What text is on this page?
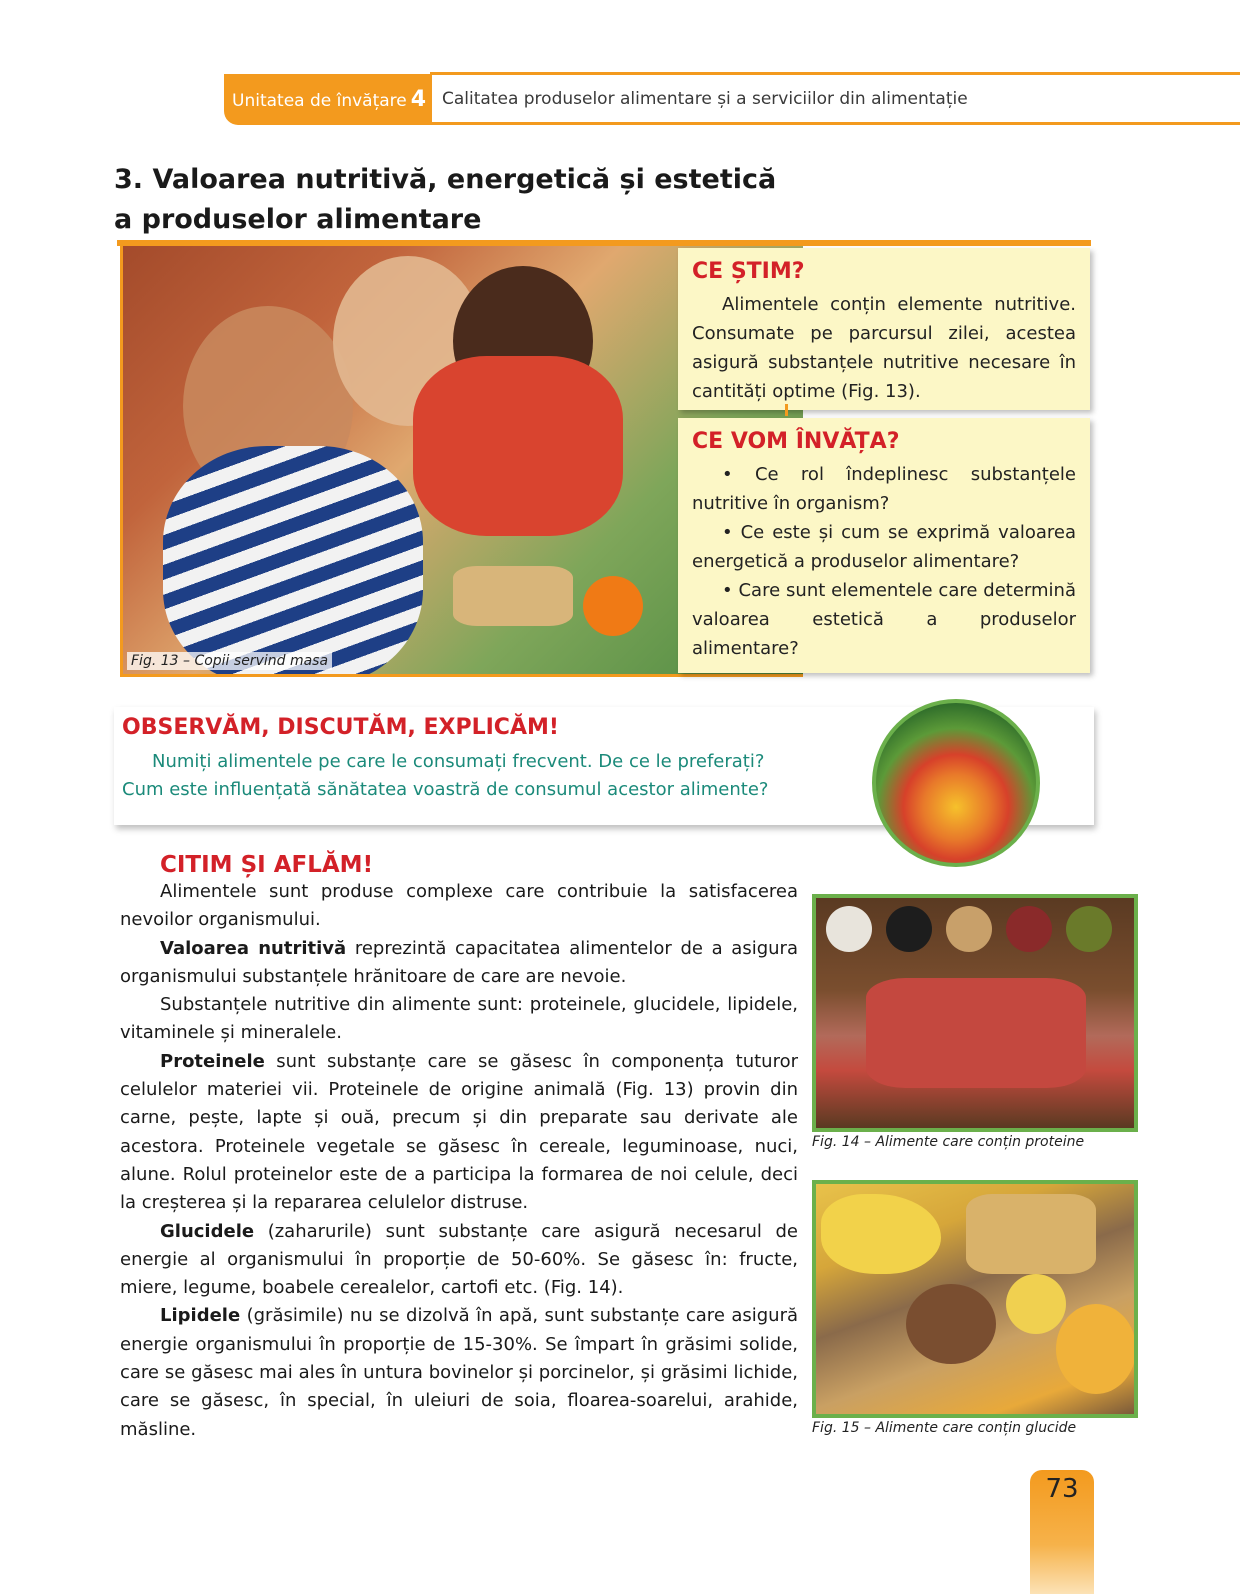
Unitatea de învățare 4 Calitatea produselor alimentare și a serviciilor din alimentație
3. Valoarea nutritivă, energetică și estetică
a produselor alimentare
Fig. 13 – Copii servind masa
CE ȘTIM?
Alimentele conțin elemente nutritive. Consumate pe parcursul zilei, acestea asigură substanțele nutritive necesare în cantități optime (Fig. 13).
CE VOM ÎNVĂȚA?
• Ce rol îndeplinesc substanțele nutritive în organism?
• Ce este și cum se exprimă valoarea energetică a produselor alimentare?
• Care sunt elementele care determină valoarea estetică a produselor alimentare?
OBSERVĂM, DISCUTĂM, EXPLICĂM!
Numiți alimentele pe care le consumați frecvent. De ce le preferați?
Cum este influențată sănătatea voastră de consumul acestor alimente?
CITIM ȘI AFLĂM!

Alimentele sunt produse complexe care contribuie la satisfacerea nevoilor organismului.

Valoarea nutritivă reprezintă capacitatea alimentelor de a asigura organismului substanțele hrănitoare de care are nevoie.

Substanțele nutritive din alimente sunt: proteinele, glucidele, lipidele, vitaminele și mineralele.

Proteinele sunt substanțe care se găsesc în componența tuturor celulelor materiei vii. Proteinele de origine animală (Fig. 13) provin din carne, pește, lapte și ouă, precum și din preparate sau derivate ale acestora. Proteinele vegetale se găsesc în cereale, leguminoase, nuci, alune. Rolul proteinelor este de a participa la formarea de noi celule, deci la creșterea și la repararea celulelor distruse.

Glucidele (zaharurile) sunt substanțe care asigură necesarul de energie al organismului în proporție de 50-60%. Se găsesc în: fructe, miere, legume, boabele cerealelor, cartofi etc. (Fig. 14).

Lipidele (grăsimile) nu se dizolvă în apă, sunt substanțe care asigură energie organismului în proporție de 15-30%. Se împart în grăsimi solide, care se găsesc mai ales în untura bovinelor și porcinelor, și grăsimi lichide, care se găsesc, în special, în uleiuri de soia, floarea-soarelui, arahide, măsline.

Fig. 14 – Alimente care conțin proteine
Fig. 15 – Alimente care conțin glucide
73
